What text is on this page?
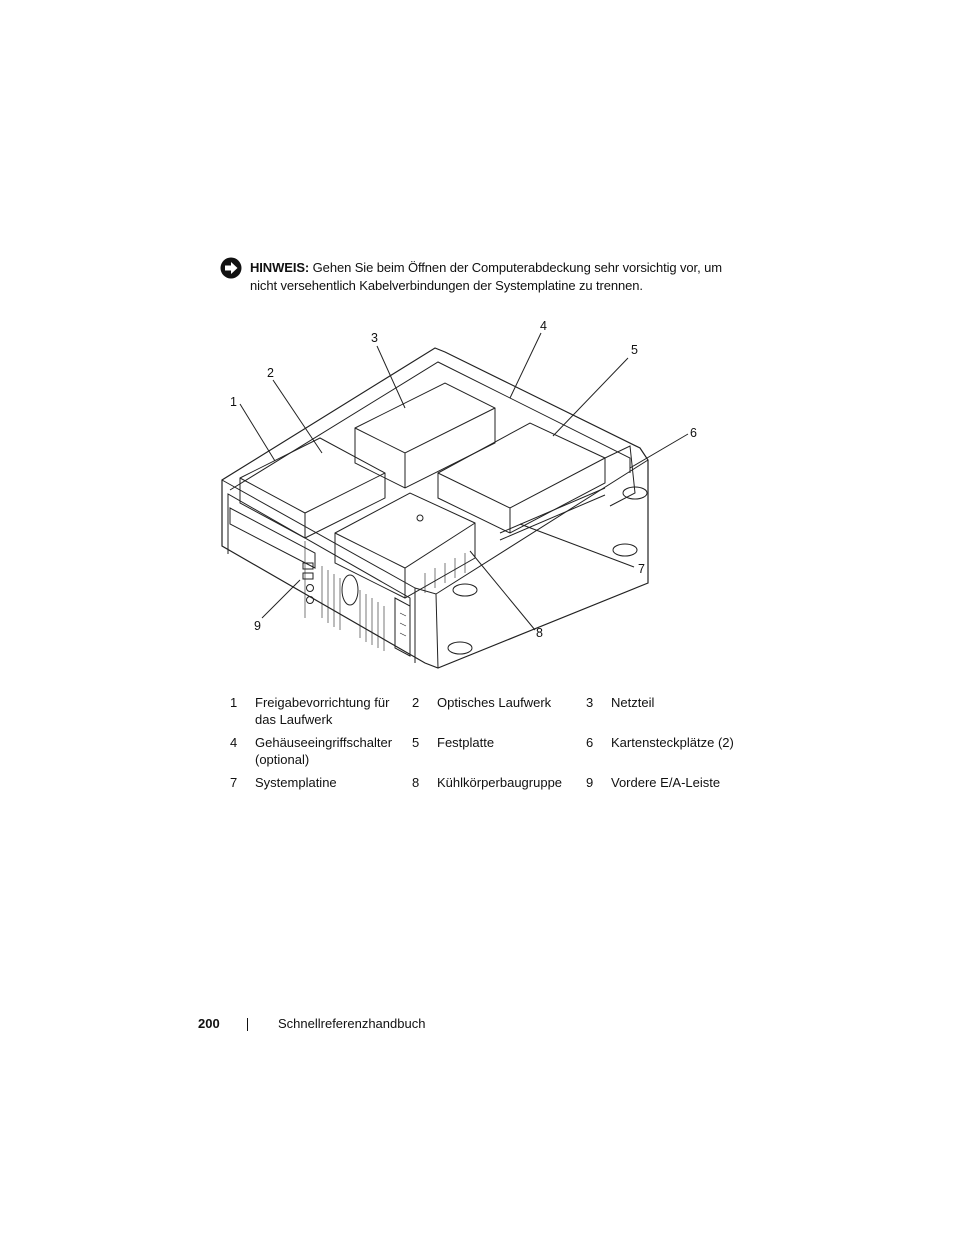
HINWEIS: Gehen Sie beim Öffnen der Computerabdeckung sehr vorsichtig vor, um nicht versehentlich Kabelverbindungen der Systemplatine zu trennen.
1
2
3
4
5
6
7
8
9
1	Freigabevorrichtung für das Laufwerk	2	Optisches Laufwerk	3	Netzteil
4	Gehäuseeingriffschalter (optional)	5	Festplatte	6	Kartensteckplätze (2)
7	Systemplatine	8	Kühlkörperbaugruppe	9	Vordere E/A-Leiste
200	Schnellreferenzhandbuch
